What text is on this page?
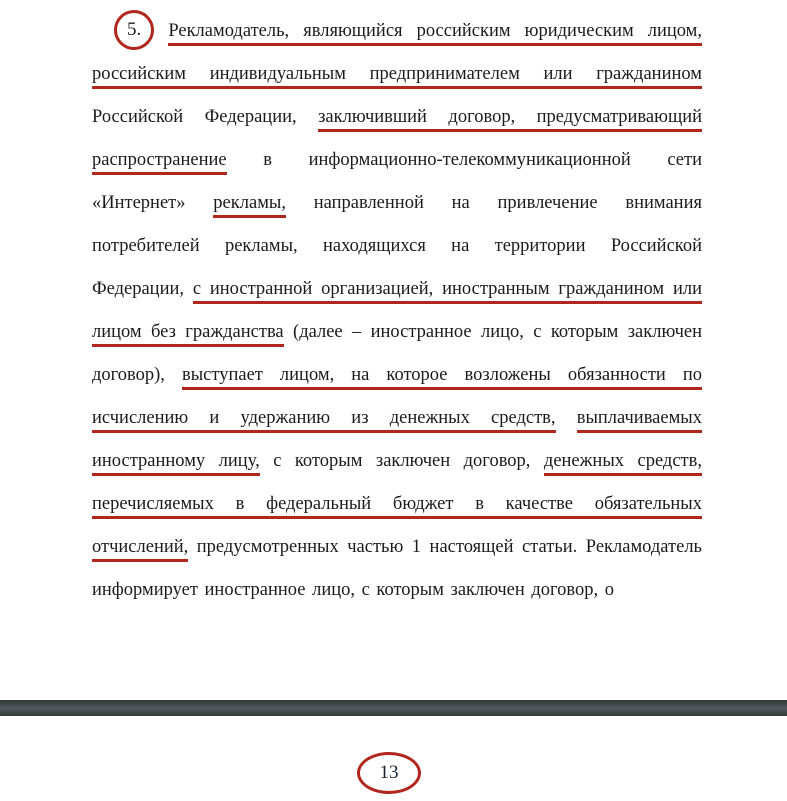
5. Рекламодатель, являющийся российским юридическим лицом,
российским индивидуальным предпринимателем или гражданином
Российской Федерации, заключивший договор, предусматривающий
распространение в информационно-телекоммуникационной сети
«Интернет» рекламы, направленной на привлечение внимания
потребителей рекламы, находящихся на территории Российской
Федерации, с иностранной организацией, иностранным гражданином или
лицом без гражданства (далее – иностранное лицо, с которым заключен
договор), выступает лицом, на которое возложены обязанности по
исчислению и удержанию из денежных средств, выплачиваемых
иностранному лицу, с которым заключен договор, денежных средств,
перечисляемых в федеральный бюджет в качестве обязательных
отчислений, предусмотренных частью 1 настоящей статьи. Рекламодатель
информирует иностранное лицо, с которым заключен договор, о
13
